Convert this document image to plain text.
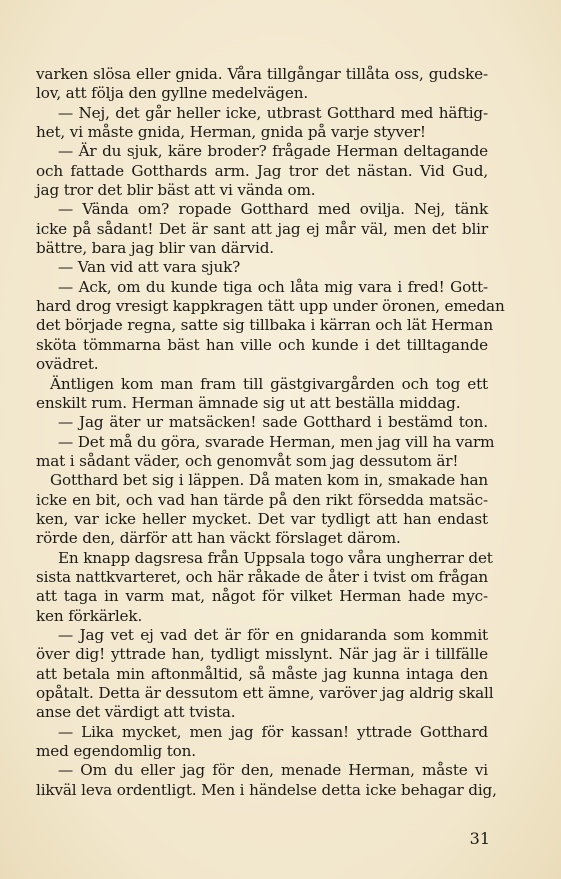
varken slösa eller gnida. Våra tillgångar tillåta oss, gudske-
lov, att följa den gyllne medelvägen.
— Nej, det går heller icke, utbrast Gotthard med häftig-
het, vi måste gnida, Herman, gnida på varje styver!
— Är du sjuk, käre broder? frågade Herman deltagande
och fattade Gotthards arm. Jag tror det nästan. Vid Gud,
jag tror det blir bäst att vi vända om.
— Vända om? ropade Gotthard med ovilja. Nej, tänk
icke på sådant! Det är sant att jag ej mår väl, men det blir
bättre, bara jag blir van därvid.
— Van vid att vara sjuk?
— Ack, om du kunde tiga och låta mig vara i fred! Gott-
hard drog vresigt kappkragen tätt upp under öronen, emedan
det började regna, satte sig tillbaka i kärran och lät Herman
sköta tömmarna bäst han ville och kunde i det tilltagande
ovädret.
Äntligen kom man fram till gästgivargården och tog ett
enskilt rum. Herman ämnade sig ut att beställa middag.
— Jag äter ur matsäcken! sade Gotthard i bestämd ton.
— Det må du göra, svarade Herman, men jag vill ha varm
mat i sådant väder, och genomvåt som jag dessutom är!
Gotthard bet sig i läppen. Då maten kom in, smakade han
icke en bit, och vad han tärde på den rikt försedda matsäc-
ken, var icke heller mycket. Det var tydligt att han endast
rörde den, därför att han väckt förslaget därom.
En knapp dagsresa från Uppsala togo våra ungherrar det
sista nattkvarteret, och här råkade de åter i tvist om frågan
att taga in varm mat, något för vilket Herman hade myc-
ken förkärlek.
— Jag vet ej vad det är för en gnidaranda som kommit
över dig! yttrade han, tydligt misslynt. När jag är i tillfälle
att betala min aftonmåltid, så måste jag kunna intaga den
opåtalt. Detta är dessutom ett ämne, varöver jag aldrig skall
anse det värdigt att tvista.
— Lika mycket, men jag för kassan! yttrade Gotthard
med egendomlig ton.
— Om du eller jag för den, menade Herman, måste vi
likväl leva ordentligt. Men i händelse detta icke behagar dig,
31
